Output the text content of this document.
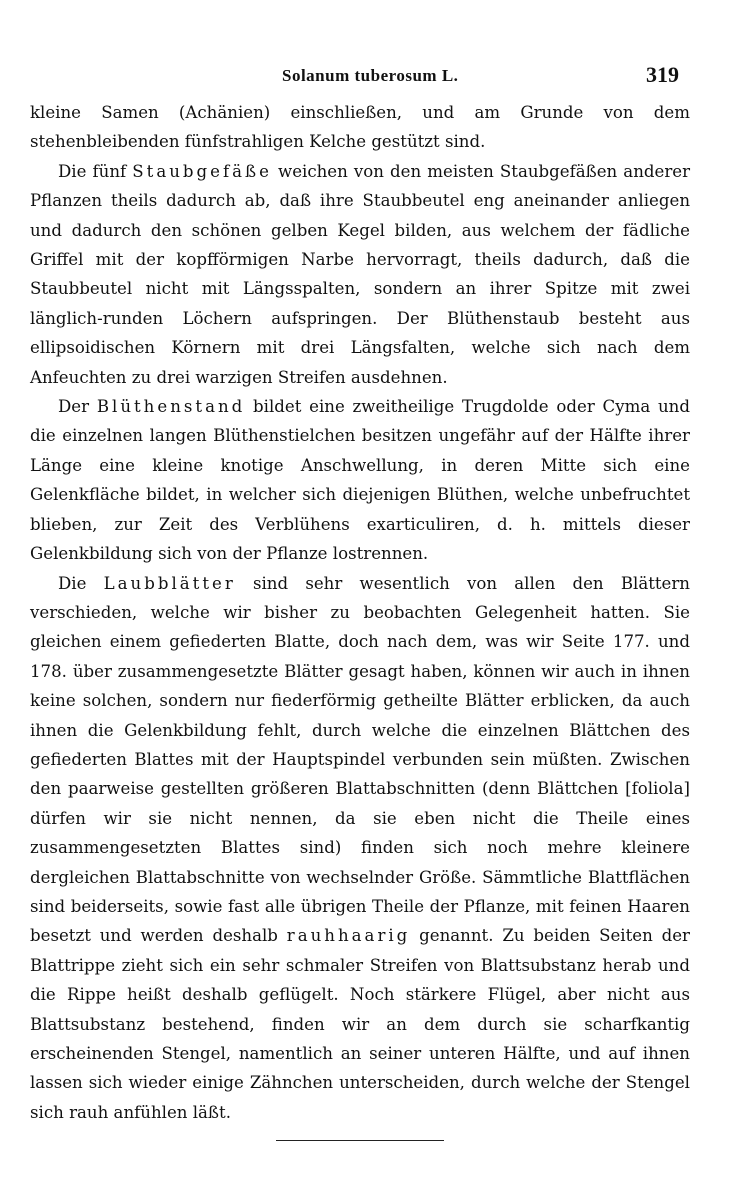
Solanum tuberosum L.	319

kleine Samen (Achänien) einschließen, und am Grunde von dem stehenbleibenden fünfstrahligen Kelche gestützt sind.

Die fünf Staubgefäße weichen von den meisten Staubgefäßen anderer Pflanzen theils dadurch ab, daß ihre Staubbeutel eng aneinander anliegen und dadurch den schönen gelben Kegel bilden, aus welchem der fädliche Griffel mit der kopfförmigen Narbe hervorragt, theils dadurch, daß die Staubbeutel nicht mit Längsspalten, sondern an ihrer Spitze mit zwei länglich-runden Löchern aufspringen. Der Blüthenstaub besteht aus ellipsoidischen Körnern mit drei Längsfalten, welche sich nach dem Anfeuchten zu drei warzigen Streifen ausdehnen.

Der Blüthenstand bildet eine zweitheilige Trugdolde oder Cyma und die einzelnen langen Blüthenstielchen besitzen ungefähr auf der Hälfte ihrer Länge eine kleine knotige Anschwellung, in deren Mitte sich eine Gelenkfläche bildet, in welcher sich diejenigen Blüthen, welche unbefruchtet blieben, zur Zeit des Verblühens exarticuliren, d. h. mittels dieser Gelenkbildung sich von der Pflanze lostrennen.

Die Laubblätter sind sehr wesentlich von allen den Blättern verschieden, welche wir bisher zu beobachten Gelegenheit hatten. Sie gleichen einem gefiederten Blatte, doch nach dem, was wir Seite 177. und 178. über zusammengesetzte Blätter gesagt haben, können wir auch in ihnen keine solchen, sondern nur fiederförmig getheilte Blätter erblicken, da auch ihnen die Gelenkbildung fehlt, durch welche die einzelnen Blättchen des gefiederten Blattes mit der Hauptspindel verbunden sein müßten. Zwischen den paarweise gestellten größeren Blattabschnitten (denn Blättchen [foliola] dürfen wir sie nicht nennen, da sie eben nicht die Theile eines zusammengesetzten Blattes sind) finden sich noch mehre kleinere dergleichen Blattabschnitte von wechselnder Größe. Sämmtliche Blattflächen sind beiderseits, sowie fast alle übrigen Theile der Pflanze, mit feinen Haaren besetzt und werden deshalb rauhhaarig genannt. Zu beiden Seiten der Blattrippe zieht sich ein sehr schmaler Streifen von Blattsubstanz herab und die Rippe heißt deshalb geflügelt. Noch stärkere Flügel, aber nicht aus Blattsubstanz bestehend, finden wir an dem durch sie scharfkantig erscheinenden Stengel, namentlich an seiner unteren Hälfte, und auf ihnen lassen sich wieder einige Zähnchen unterscheiden, durch welche der Stengel sich rauh anfühlen läßt.
